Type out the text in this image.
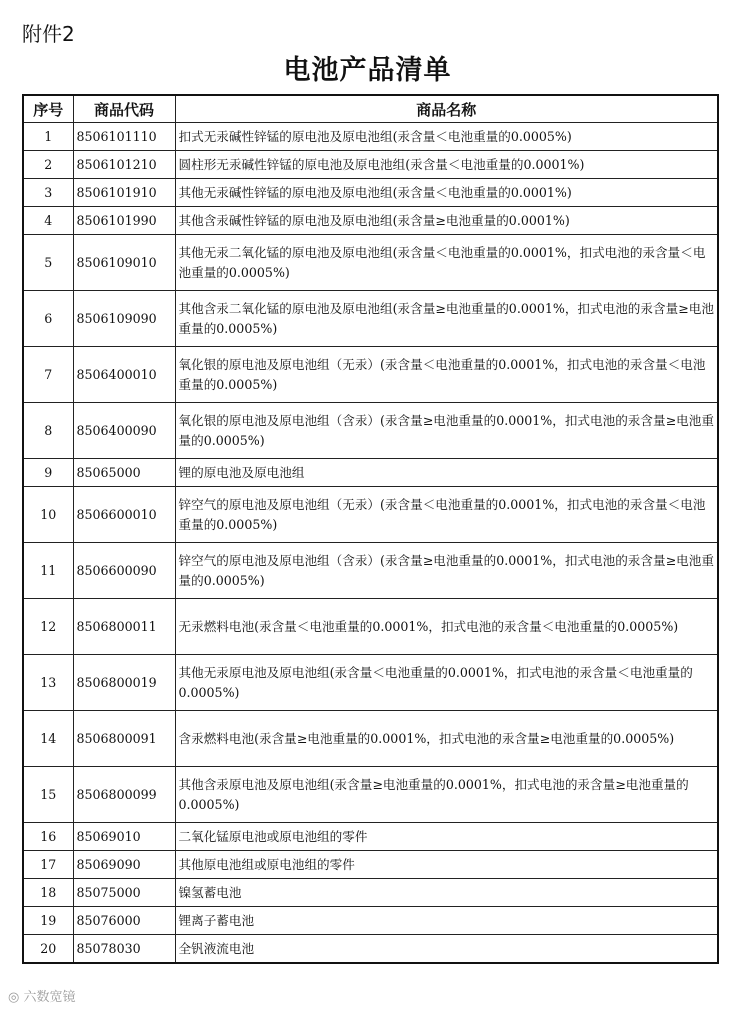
附件2
电池产品清单
序号	商品代码	商品名称
1	8506101110	扣式无汞碱性锌锰的原电池及原电池组(汞含量＜电池重量的0.0005%)
2	8506101210	圆柱形无汞碱性锌锰的原电池及原电池组(汞含量＜电池重量的0.0001%)
3	8506101910	其他无汞碱性锌锰的原电池及原电池组(汞含量＜电池重量的0.0001%)
4	8506101990	其他含汞碱性锌锰的原电池及原电池组(汞含量≥电池重量的0.0001%)
5	8506109010	其他无汞二氧化锰的原电池及原电池组(汞含量＜电池重量的0.0001%，扣式电池的汞含量＜电池重量的0.0005%)
6	8506109090	其他含汞二氧化锰的原电池及原电池组(汞含量≥电池重量的0.0001%，扣式电池的汞含量≥电池重量的0.0005%)
7	8506400010	氧化银的原电池及原电池组（无汞）(汞含量＜电池重量的0.0001%，扣式电池的汞含量＜电池重量的0.0005%)
8	8506400090	氧化银的原电池及原电池组（含汞）(汞含量≥电池重量的0.0001%，扣式电池的汞含量≥电池重量的0.0005%)
9	85065000	锂的原电池及原电池组
10	8506600010	锌空气的原电池及原电池组（无汞）(汞含量＜电池重量的0.0001%，扣式电池的汞含量＜电池重量的0.0005%)
11	8506600090	锌空气的原电池及原电池组（含汞）(汞含量≥电池重量的0.0001%，扣式电池的汞含量≥电池重量的0.0005%)
12	8506800011	无汞燃料电池(汞含量＜电池重量的0.0001%，扣式电池的汞含量＜电池重量的0.0005%)
13	8506800019	其他无汞原电池及原电池组(汞含量＜电池重量的0.0001%，扣式电池的汞含量＜电池重量的0.0005%)
14	8506800091	含汞燃料电池(汞含量≥电池重量的0.0001%，扣式电池的汞含量≥电池重量的0.0005%)
15	8506800099	其他含汞原电池及原电池组(汞含量≥电池重量的0.0001%，扣式电池的汞含量≥电池重量的0.0005%)
16	85069010	二氧化锰原电池或原电池组的零件
17	85069090	其他原电池组或原电池组的零件
18	85075000	镍氢蓄电池
19	85076000	锂离子蓄电池
20	85078030	全钒液流电池
◎ 六数宽镜
